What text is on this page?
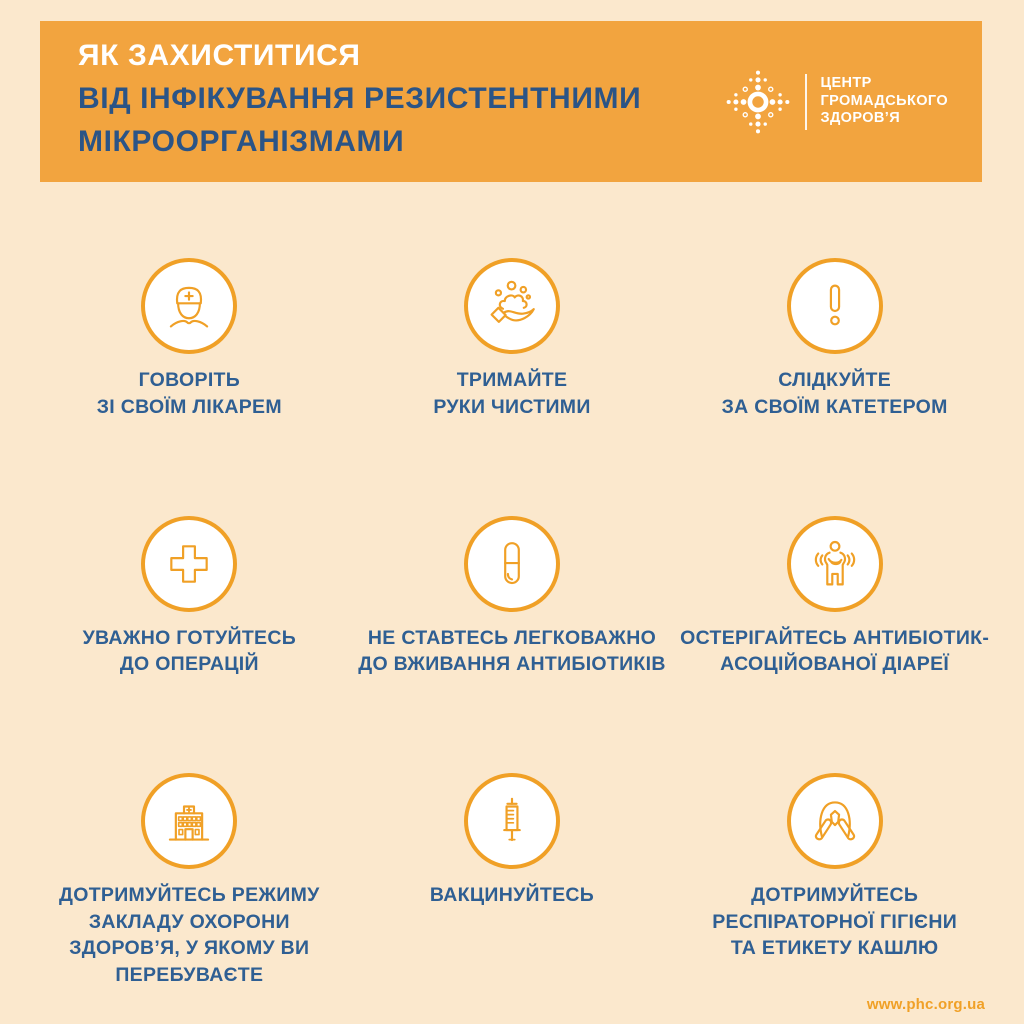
ЯК ЗАХИСТИТИСЯ
ВІД ІНФІКУВАННЯ РЕЗИСТЕНТНИМИ
МІКРООРГАНІЗМАМИ
ЦЕНТР
ГРОМАДСЬКОГО
ЗДОРОВ’Я
ГОВОРІТЬ
ЗІ СВОЇМ ЛІКАРЕМ
ТРИМАЙТЕ
РУКИ ЧИСТИМИ
СЛІДКУЙТЕ
ЗА СВОЇМ КАТЕТЕРОМ
УВАЖНО ГОТУЙТЕСЬ
ДО ОПЕРАЦІЙ
НЕ СТАВТЕСЬ ЛЕГКОВАЖНО
ДО ВЖИВАННЯ АНТИБІОТИКІВ
ОСТЕРІГАЙТЕСЬ АНТИБІОТИК-
АСОЦІЙОВАНОЇ ДІАРЕЇ
ДОТРИМУЙТЕСЬ РЕЖИМУ
ЗАКЛАДУ ОХОРОНИ
ЗДОРОВ’Я, У ЯКОМУ ВИ
ПЕРЕБУВАЄТЕ
ВАКЦИНУЙТЕСЬ	ДОТРИМУЙТЕСЬ
РЕСПІРАТОРНОЇ ГІГІЄНИ
ТА ЕТИКЕТУ КАШЛЮ
www.phc.org.ua
